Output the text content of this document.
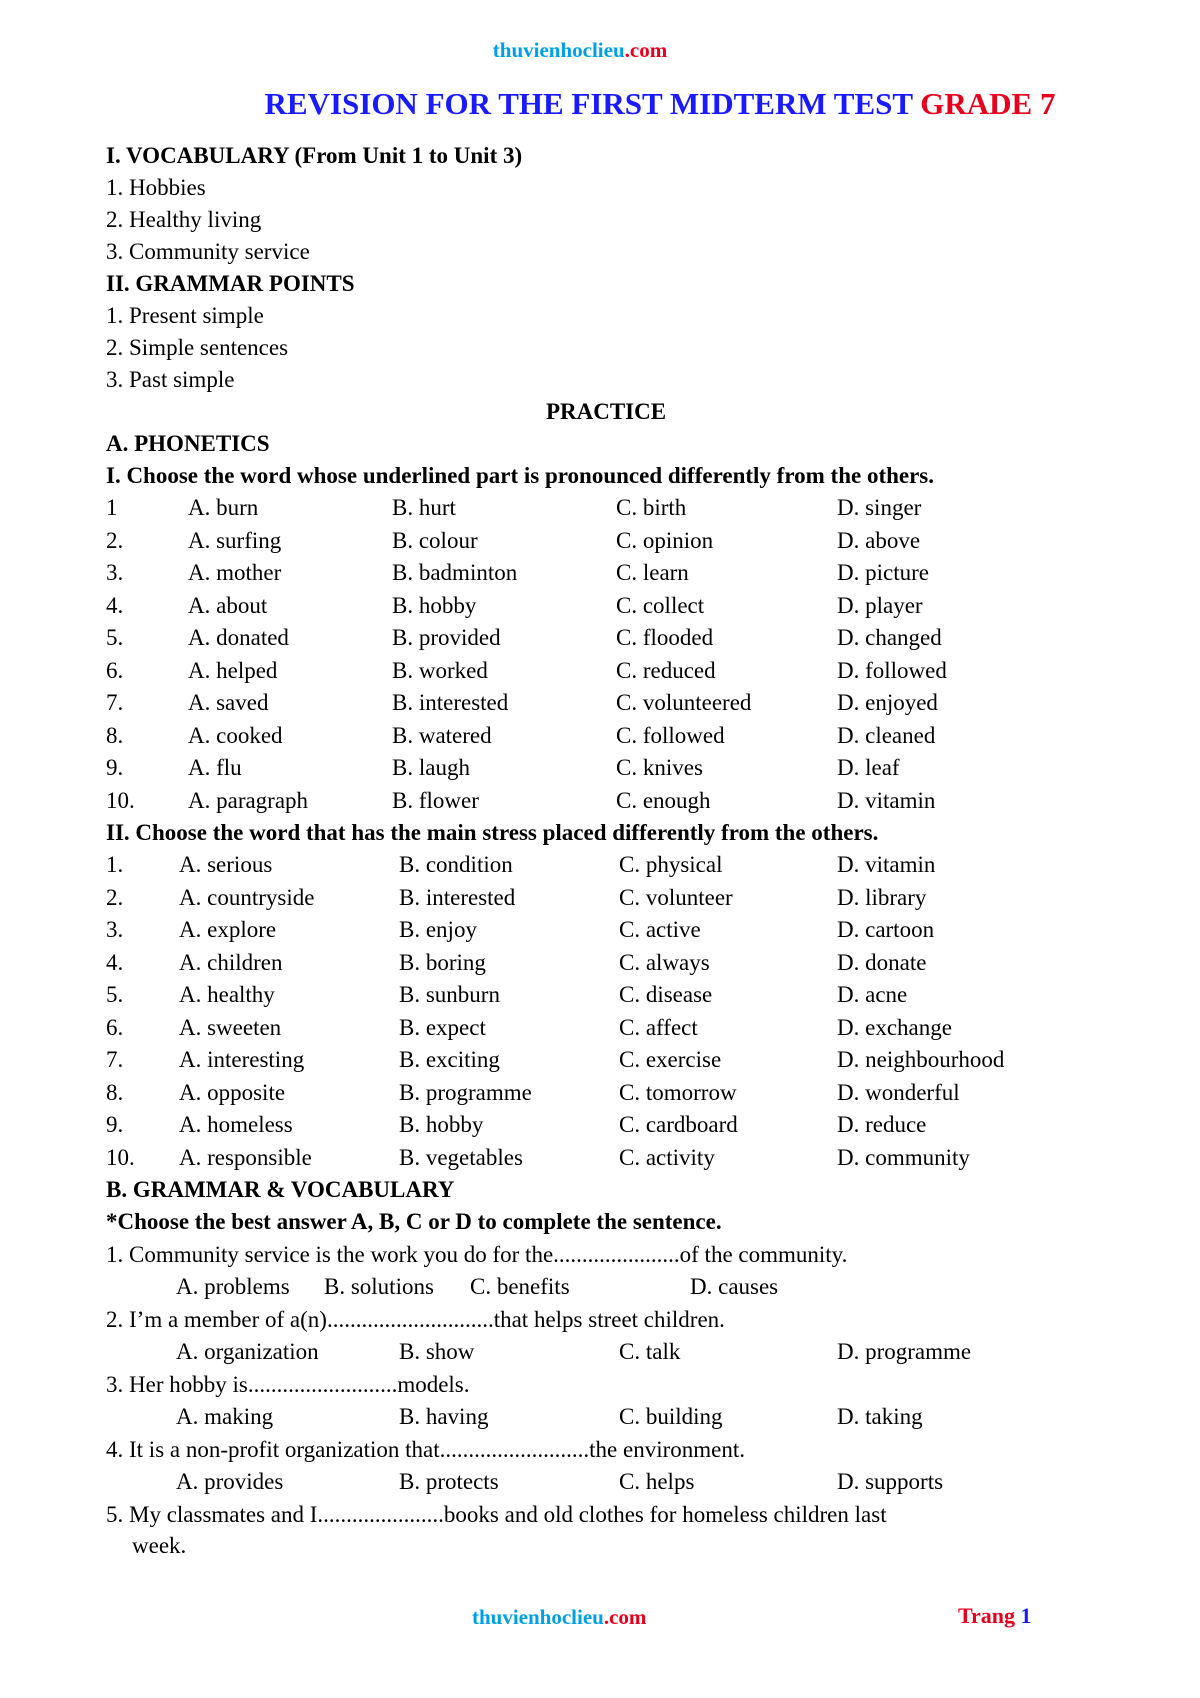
thuvienhoclieu.com
REVISION FOR THE FIRST MIDTERM TEST GRADE 7
I. VOCABULARY (From Unit 1 to Unit 3)
1. Hobbies
2. Healthy living
3. Community service
II. GRAMMAR POINTS
1. Present simple
2. Simple sentences
3. Past simple
PRACTICE
A. PHONETICS
I. Choose the word whose underlined part is pronounced differently from the others.
1	A. burn	B. hurt	C. birth	D. singer
2.	A. surfing	B. colour	C. opinion	D. above
3.	A. mother	B. badminton	C. learn	D. picture
4.	A. about	B. hobby	C. collect	D. player
5.	A. donated	B. provided	C. flooded	D. changed
6.	A. helped	B. worked	C. reduced	D. followed
7.	A. saved	B. interested	C. volunteered	D. enjoyed
8.	A. cooked	B. watered	C. followed	D. cleaned
9.	A. flu	B. laugh	C. knives	D. leaf
10. A. paragraph	B. flower	C. enough	D. vitamin
II. Choose the word that has the main stress placed differently from the others.
1. A. serious	B. condition	C. physical	D. vitamin
2. A. countryside	B. interested	C. volunteer	D. library
3. A. explore	B. enjoy	C. active	D. cartoon
4. A. children	B. boring	C. always	D. donate
5. A. healthy	B. sunburn	C. disease	D. acne
6. A. sweeten	B. expect	C. affect	D. exchange
7. A. interesting	B. exciting	C. exercise	D. neighbourhood
8. A. opposite	B. programme	C. tomorrow	D. wonderful
9. A. homeless	B. hobby	C. cardboard	D. reduce
10. A. responsible	B. vegetables	C. activity	D. community
B. GRAMMAR & VOCABULARY
*Choose the best answer A, B, C or D to complete the sentence.
1. Community service is the work you do for the......................of the community.
A. problems B. solutions C. benefits	D. causes
2. I’m a member of a(n).............................that helps street children.
A. organization	B. show	C. talk	D. programme
3. Her hobby is..........................models.
A. making	B. having	C. building	D. taking
4. It is a non-profit organization that..........................the environment.
A. provides	B. protects	C. helps	D. supports
5. My classmates and I......................books and old clothes for homeless children last
week.
thuvienhoclieu.com	Trang 1
